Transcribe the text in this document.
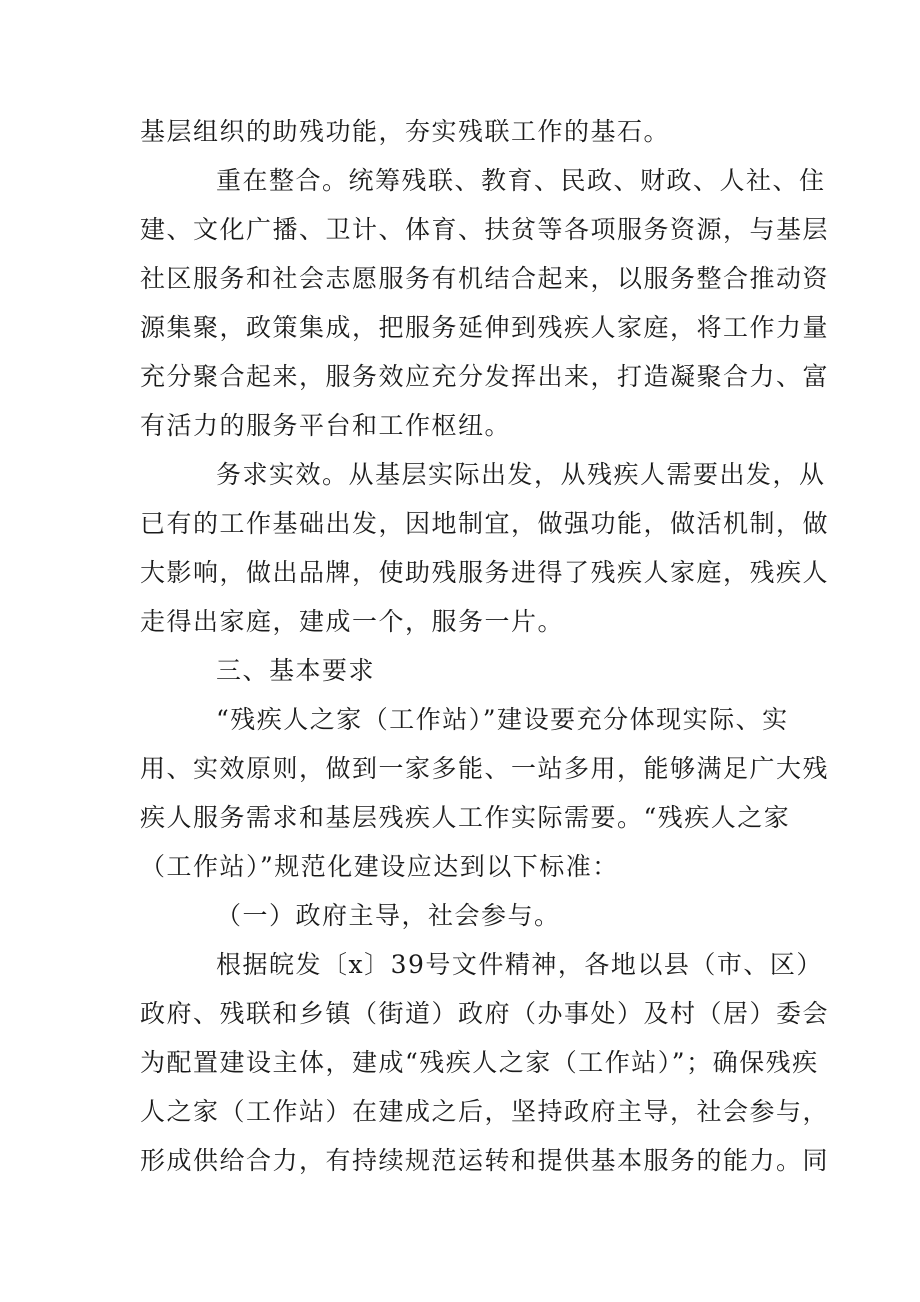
基层组织的助残功能，夯实残联工作的基石。
重在整合。统筹残联、教育、民政、财政、人社、住
建、文化广播、卫计、体育、扶贫等各项服务资源，与基层
社区服务和社会志愿服务有机结合起来，以服务整合推动资
源集聚，政策集成，把服务延伸到残疾人家庭，将工作力量
充分聚合起来，服务效应充分发挥出来，打造凝聚合力、富
有活力的服务平台和工作枢纽。
务求实效。从基层实际出发，从残疾人需要出发，从
已有的工作基础出发，因地制宜，做强功能，做活机制，做
大影响，做出品牌，使助残服务进得了残疾人家庭，残疾人
走得出家庭，建成一个，服务一片。
三、基本要求
“残疾人之家（工作站）”建设要充分体现实际、实
用、实效原则，做到一家多能、一站多用，能够满足广大残
疾人服务需求和基层残疾人工作实际需要。“残疾人之家
（工作站）”规范化建设应达到以下标准：
（一）政府主导，社会参与。
根据皖发〔x〕39号文件精神，各地以县（市、区）
政府、残联和乡镇（街道）政府（办事处）及村（居）委会
为配置建设主体，建成“残疾人之家（工作站）”；确保残疾
人之家（工作站）在建成之后，坚持政府主导，社会参与，
形成供给合力，有持续规范运转和提供基本服务的能力。同
